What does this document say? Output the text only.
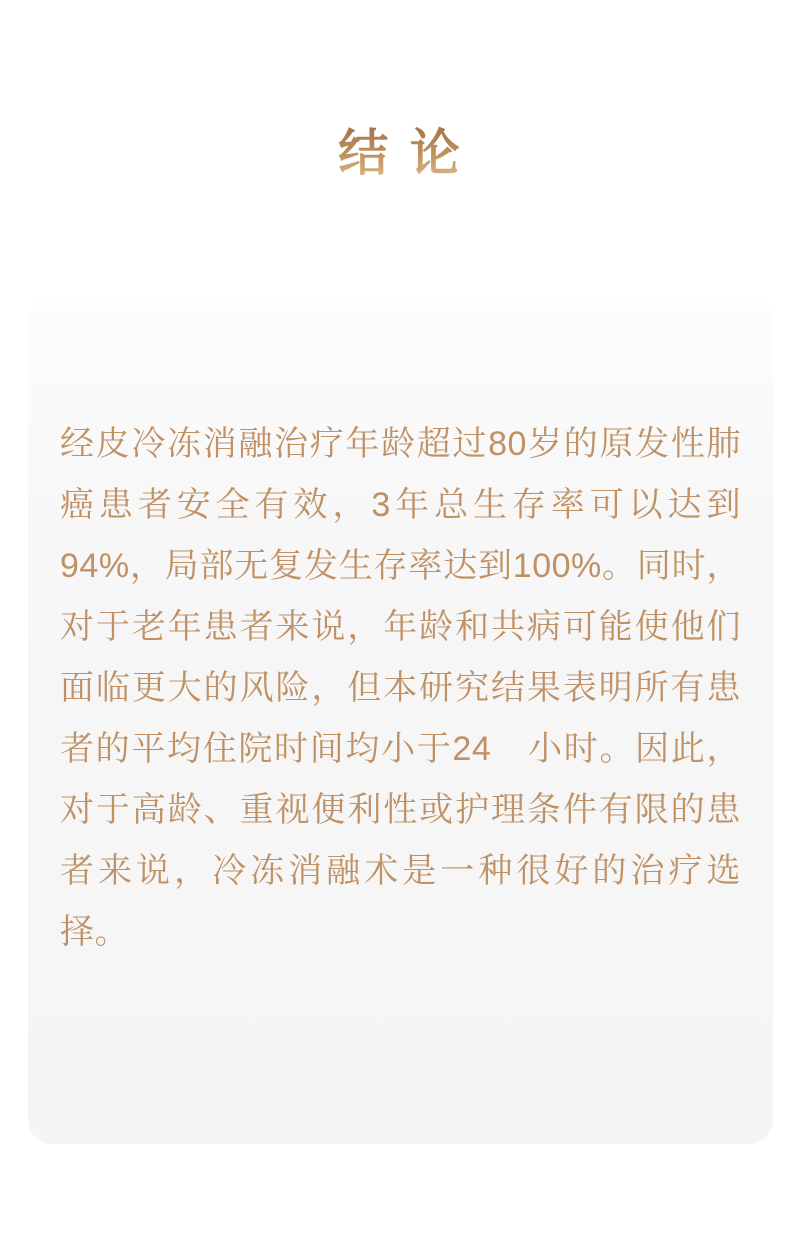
结 论

经皮冷冻消融治疗年龄超过80岁的原发性肺癌患者安全有效，3年总生存率可以达到94%，局部无复发生存率达到100%。同时，对于老年患者来说，年龄和共病可能使他们面临更大的风险，但本研究结果表明所有患者的平均住院时间均小于24　小时。因此，对于高龄、重视便利性或护理条件有限的患者来说，冷冻消融术是一种很好的治疗选择。
